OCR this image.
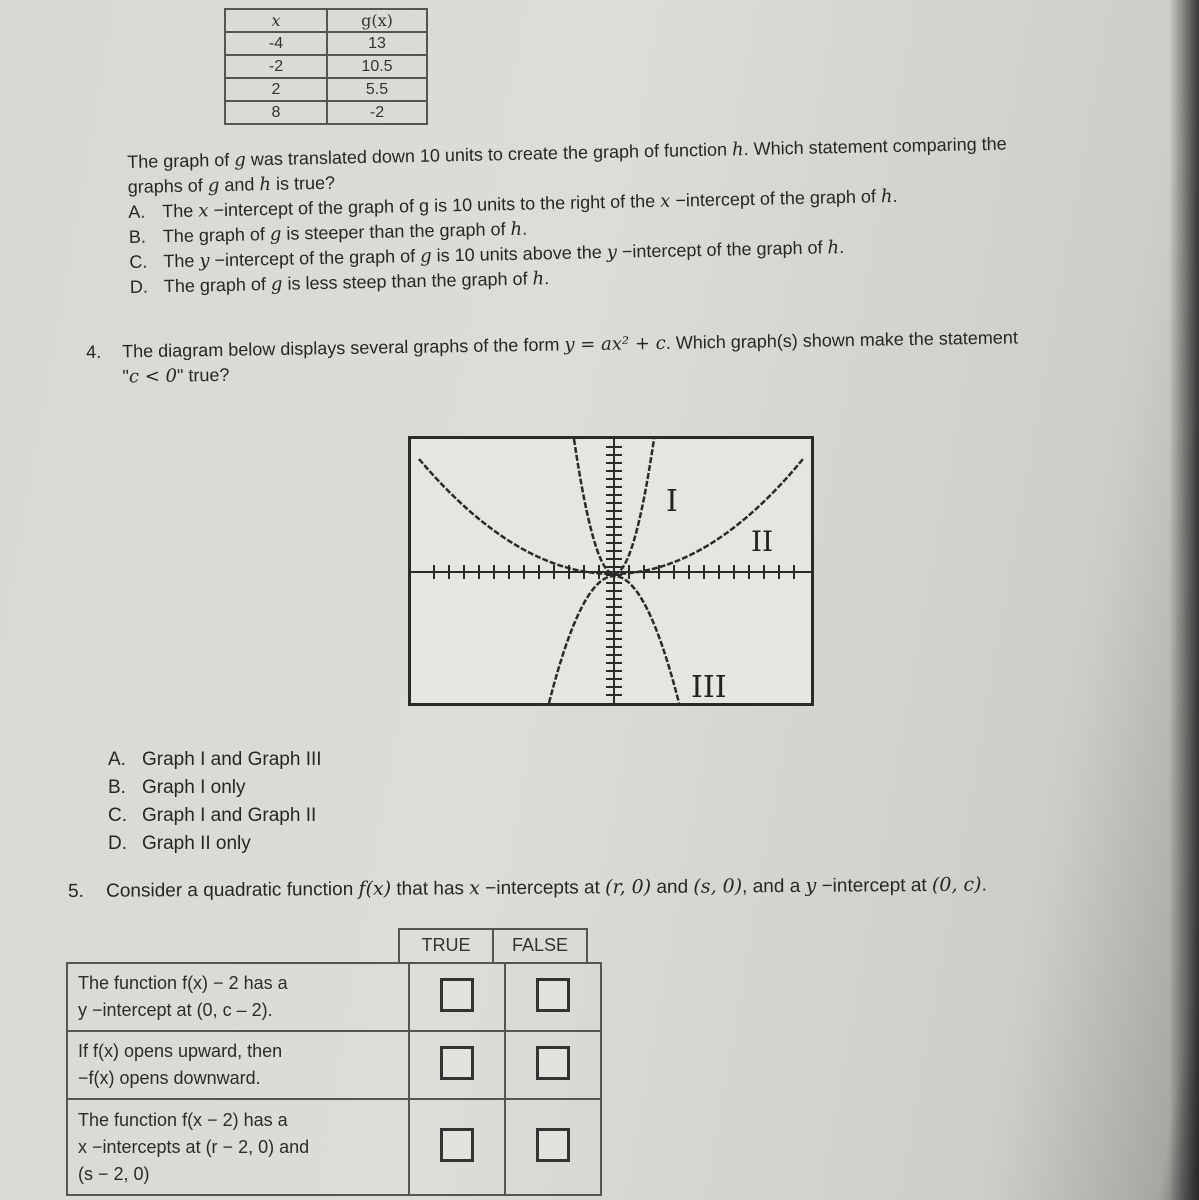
x	g(x)
-4	13
-2	10.5
2	5.5
8	-2
The graph of g was translated down 10 units to create the graph of function h. Which statement comparing the
graphs of g and h is true?
A. The x −intercept of the graph of g is 10 units to the right of the x −intercept of the graph of h.
B. The graph of g is steeper than the graph of h.
C. The y −intercept of the graph of g is 10 units above the y −intercept of the graph of h.
D. The graph of g is less steep than the graph of h.
4. The diagram below displays several graphs of the form y = ax² + c. Which graph(s) shown make the statement
"c < 0" true?
I
II
III
A. Graph I and Graph III
B. Graph I only
C. Graph I and Graph II
D. Graph II only
5. Consider a quadratic function f(x) that has x −intercepts at (r, 0) and (s, 0), and a y −intercept at (0, c).
TRUE	FALSE
The function f(x) − 2 has a
y −intercept at (0, c – 2).		

If f(x) opens upward, then
−f(x) opens downward.		

The function f(x − 2) has a
x −intercepts at (r − 2, 0) and
(s − 2, 0)		
